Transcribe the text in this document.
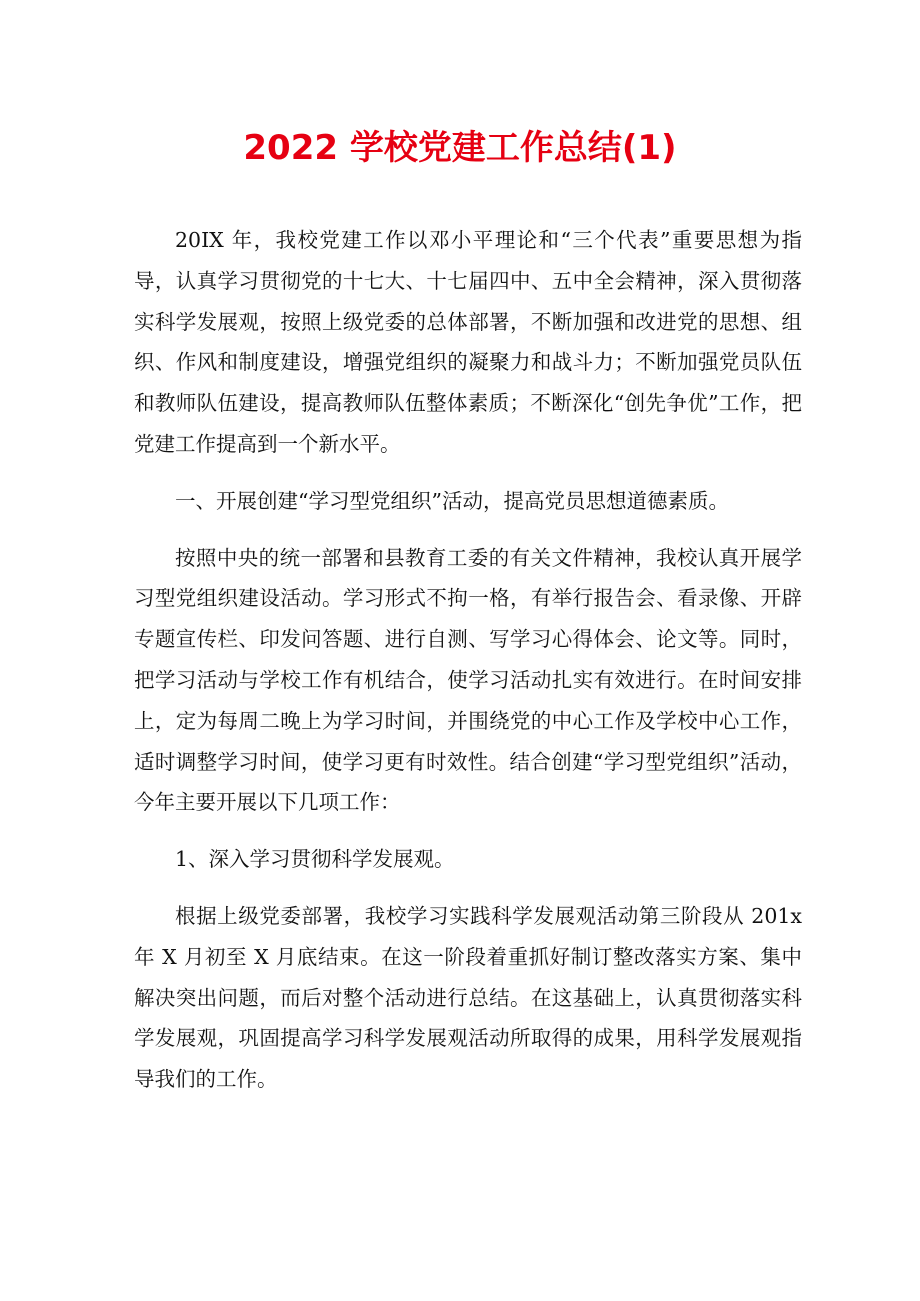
2022 学校党建工作总结(1)

20IX 年，我校党建工作以邓小平理论和“三个代表”重要思想为指导，认真学习贯彻党的十七大、十七届四中、五中全会精神，深入贯彻落实科学发展观，按照上级党委的总体部署，不断加强和改进党的思想、组织、作风和制度建设，增强党组织的凝聚力和战斗力；不断加强党员队伍和教师队伍建设，提高教师队伍整体素质；不断深化“创先争优”工作，把党建工作提高到一个新水平。

一、开展创建“学习型党组织”活动，提高党员思想道德素质。

按照中央的统一部署和县教育工委的有关文件精神，我校认真开展学习型党组织建设活动。学习形式不拘一格，有举行报告会、看录像、开辟专题宣传栏、印发问答题、进行自测、写学习心得体会、论文等。同时，把学习活动与学校工作有机结合，使学习活动扎实有效进行。在时间安排上，定为每周二晚上为学习时间，并围绕党的中心工作及学校中心工作，适时调整学习时间，使学习更有时效性。结合创建“学习型党组织”活动，今年主要开展以下几项工作：

1、深入学习贯彻科学发展观。

根据上级党委部署，我校学习实践科学发展观活动第三阶段从 201x 年 X 月初至 X 月底结束。在这一阶段着重抓好制订整改落实方案、集中解决突出问题，而后对整个活动进行总结。在这基础上，认真贯彻落实科学发展观，巩固提高学习科学发展观活动所取得的成果，用科学发展观指导我们的工作。
